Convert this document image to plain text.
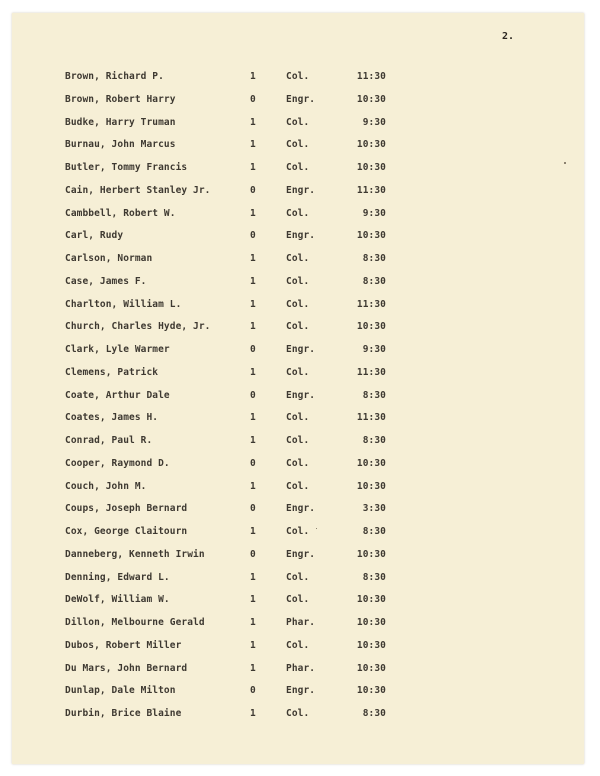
2.
Brown, Richard P.	1	Col.	11:30
Brown, Robert Harry	0	Engr.	10:30
Budke, Harry Truman	1	Col.	9:30
Burnau, John Marcus	1	Col.	10:30
Butler, Tommy Francis	1	Col.	10:30
Cain, Herbert Stanley Jr.	0	Engr.	11:30
Cambbell, Robert W.	1	Col.	9:30
Carl, Rudy	0	Engr.	10:30
Carlson, Norman	1	Col.	8:30
Case, James F.	1	Col.	8:30
Charlton, William L.	1	Col.	11:30
Church, Charles Hyde, Jr.	1	Col.	10:30
Clark, Lyle Warmer	0	Engr.	9:30
Clemens, Patrick	1	Col.	11:30
Coate, Arthur Dale	0	Engr.	8:30
Coates, James H.	1	Col.	11:30
Conrad, Paul R.	1	Col.	8:30
Cooper, Raymond D.	0	Col.	10:30
Couch, John M.	1	Col.	10:30
Coups, Joseph Bernard	0	Engr.	3:30
Cox, George Claitourn	1	Col.	8:30
Danneberg, Kenneth Irwin	0	Engr.	10:30
Denning, Edward L.	1	Col.	8:30
DeWolf, William W.	1	Col.	10:30
Dillon, Melbourne Gerald	1	Phar.	10:30
Dubos, Robert Miller	1	Col.	10:30
Du Mars, John Bernard	1	Phar.	10:30
Dunlap, Dale Milton	0	Engr.	10:30
Durbin, Brice Blaine	1	Col.	8:30
